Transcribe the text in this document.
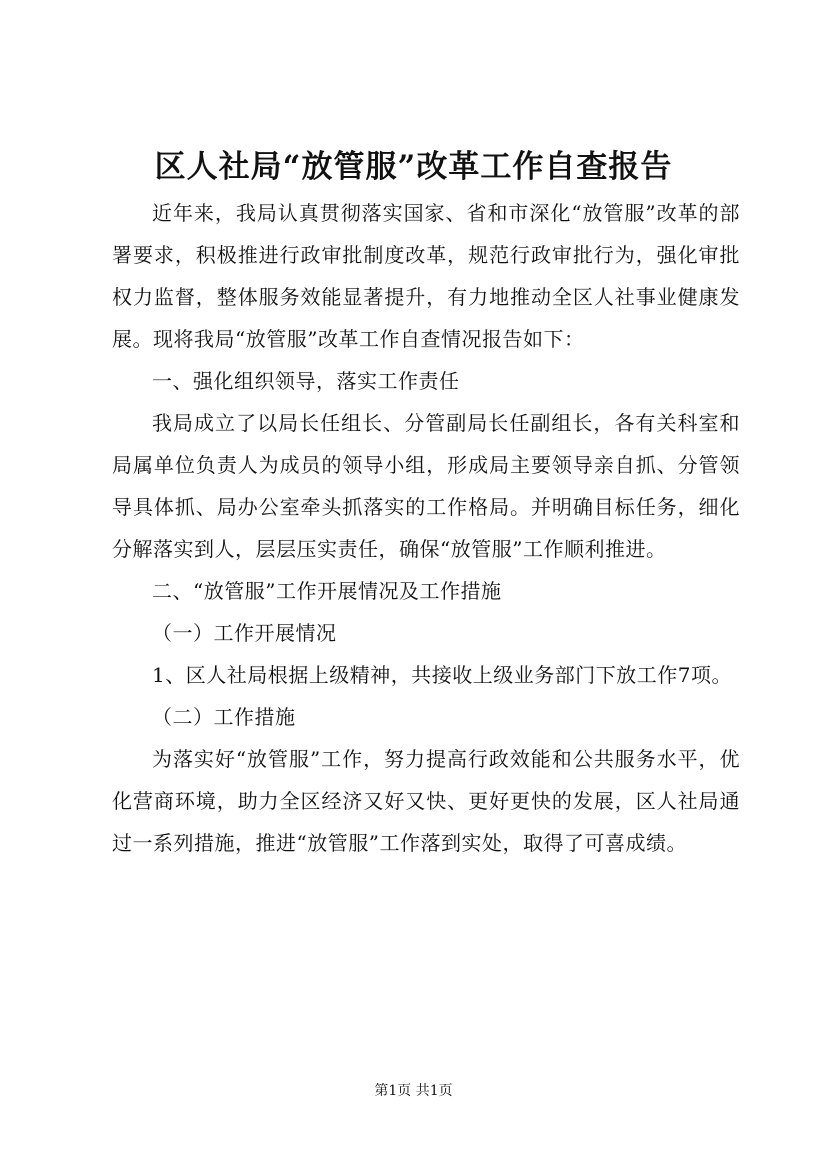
区人社局“放管服”改革工作自查报告

近年来，我局认真贯彻落实国家、省和市深化“放管服”改革的部署要求，积极推进行政审批制度改革，规范行政审批行为，强化审批权力监督，整体服务效能显著提升，有力地推动全区人社事业健康发展。现将我局“放管服”改革工作自查情况报告如下：

一、强化组织领导，落实工作责任

我局成立了以局长任组长、分管副局长任副组长，各有关科室和局属单位负责人为成员的领导小组，形成局主要领导亲自抓、分管领导具体抓、局办公室牵头抓落实的工作格局。并明确目标任务，细化分解落实到人，层层压实责任，确保“放管服”工作顺利推进。

二、“放管服”工作开展情况及工作措施

（一）工作开展情况

1、区人社局根据上级精神，共接收上级业务部门下放工作7项。

（二）工作措施

为落实好“放管服”工作，努力提高行政效能和公共服务水平，优化营商环境，助力全区经济又好又快、更好更快的发展，区人社局通过一系列措施，推进“放管服”工作落到实处，取得了可喜成绩。

第1页 共1页
